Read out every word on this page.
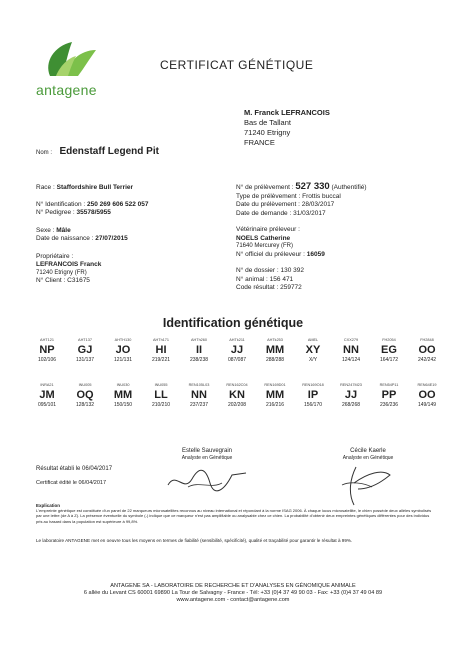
antagene
CERTIFICAT GÉNÉTIQUE
M. Franck LEFRANCOIS
Bas de Tallant
71240 Etrigny
FRANCE
Nom : Edenstaff Legend Pit
Race : Staffordshire Bull Terrier
N° Identification : 250 269 606 522 057
N° Pedigree : 35578/5955
Sexe : Mâle
Date de naissance : 27/07/2015
Propriétaire :
LEFRANCOIS Franck
71240 Etrigny (FR)
N° Client : C31675
N° de prélèvement : 527 330 (Authentifié)
Type de prélèvement : Frottis buccal
Date du prélèvement : 28/03/2017
Date de demande : 31/03/2017
Vétérinaire préleveur :
NOELS Catherine
71640 Mercurey (FR)
N° officiel du préleveur : 16059
N° de dossier : 130 392
N° animal : 156 471
Code résultat : 259772
Identification génétique
AHT121
NP
102/106
AHT137
GJ
131/137
AHTH130
JO
121/131
AHTh171
HI
219/221
AHTh260
II
238/238
AHTk211
JJ
087/087
AHTk253
MM
288/288
AMEL
XY
X/Y
CXX279
NN
124/124
FH2054
EG
164/172
FH2848
OO
242/242
INRA21
JM
095/101
INU005
OQ
128/132
INU030
MM
150/150
INU055
LL
210/210
REN105L03
NN
237/237
REN162C04
KN
202/208
REN169D01
MM
216/216
REN169O18
IP
156/170
REN247M23
JJ
268/268
REN54P11
PP
236/236
REN64E19
OO
149/149
Estelle Sauvegrain
Analyste en Génétique
Cécile Kaerle
Analyste en Génétique
Résultat établi le 06/04/2017
Certificat édité le 06/04/2017
Explication
L'empreinte génétique est constituée d'un panel de 22 marqueurs microsatellites reconnus au niveau international et répondant à la norme ISAG 2006. À chaque locus microsatellite, le chien possède deux allèles symbolisés par une lettre (de A à Z). La présence éventuelle du symbole (-) indique que ce marqueur n'est pas amplifiable ou analysable chez ce chien. La probabilité d'obtenir deux empreintes génétiques différentes pour des individus pris au hasard dans la population est supérieure à 99,8%.
Le laboratoire ANTAGENE met en oeuvre tous les moyens en termes de fiabilité (sensibilité, spécificité), qualité et traçabilité pour garantir le résultat à 99%.
ANTAGENE SA - LABORATOIRE DE RECHERCHE ET D'ANALYSES EN GÉNOMIQUE ANIMALE
6 allée du Levant CS 60001 69890 La Tour de Salvagny - France - Tél: +33 (0)4 37 49 90 03 - Fax: +33 (0)4 37 49 04 89
www.antagene.com - contact@antagene.com
